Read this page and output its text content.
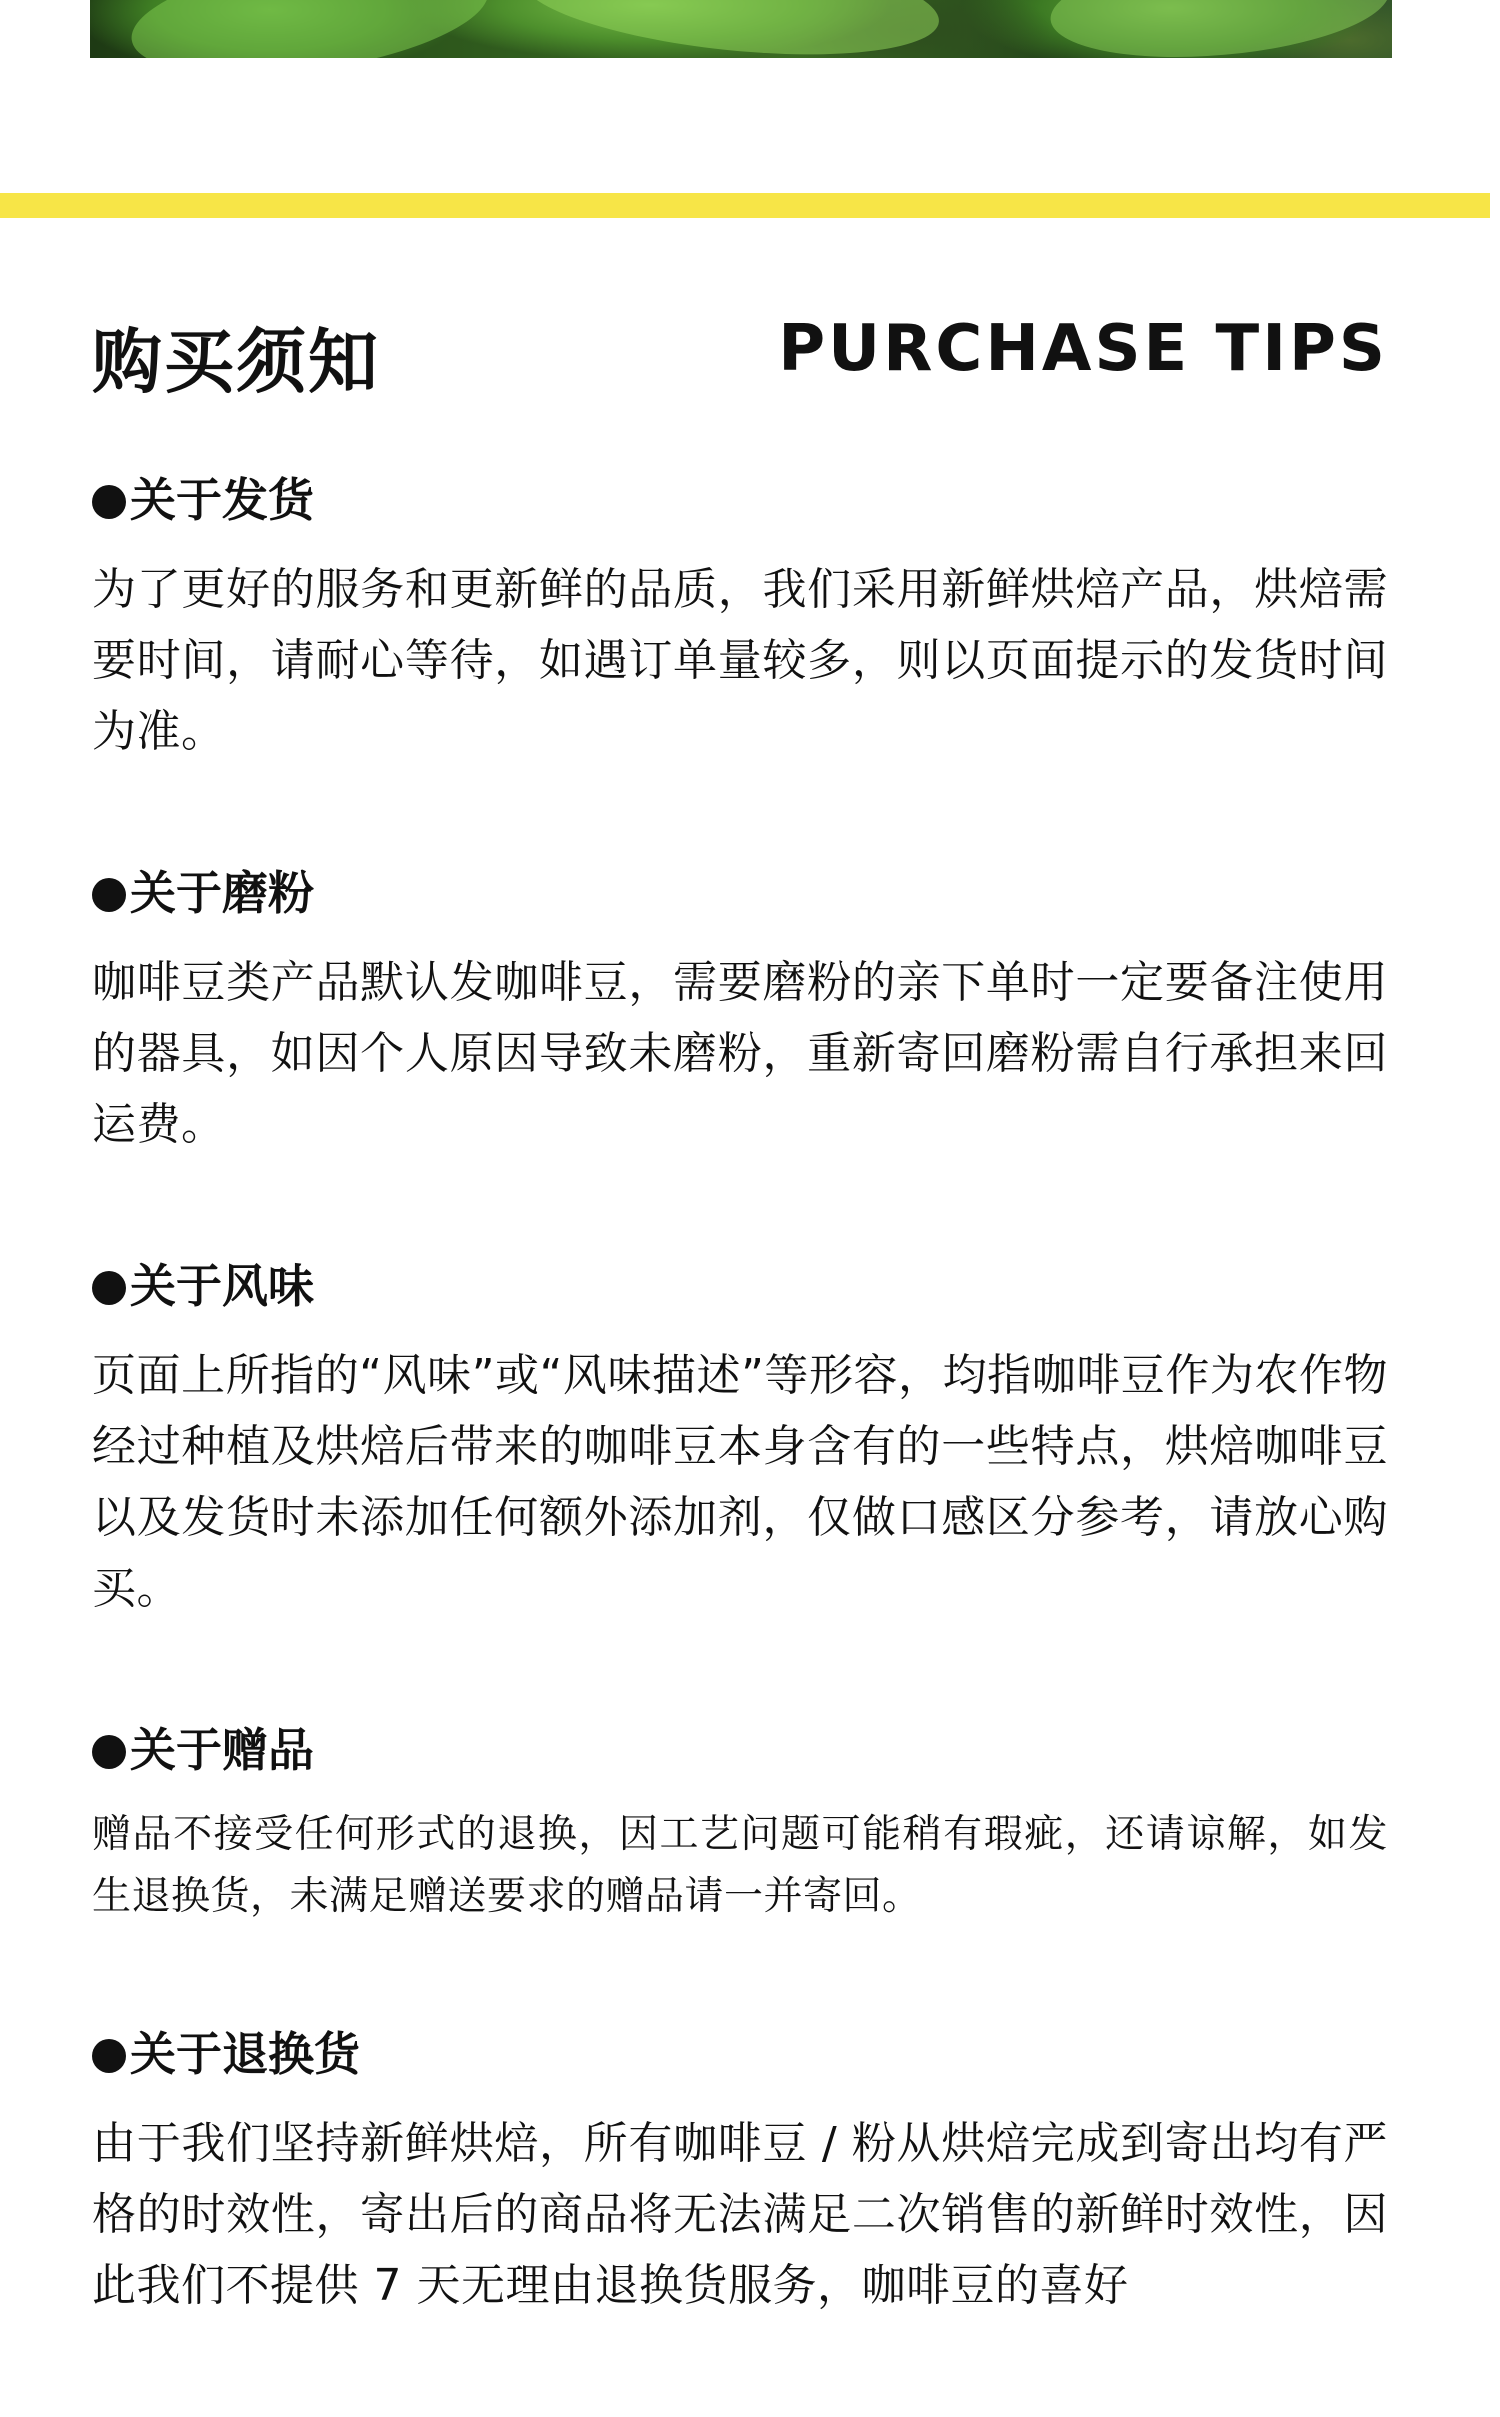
购买须知	PURCHASE TIPS

关于发货

为了更好的服务和更新鲜的品质，我们采用新鲜烘焙产品，烘焙需要时间，请耐心等待，如遇订单量较多，则以页面提示的发货时间为准。

关于磨粉

咖啡豆类产品默认发咖啡豆，需要磨粉的亲下单时一定要备注使用的器具，如因个人原因导致未磨粉，重新寄回磨粉需自行承担来回运费。

关于风味

页面上所指的“风味”或“风味描述”等形容，均指咖啡豆作为农作物经过种植及烘焙后带来的咖啡豆本身含有的一些特点，烘焙咖啡豆以及发货时未添加任何额外添加剂，仅做口感区分参考，请放心购买。

关于赠品

赠品不接受任何形式的退换，因工艺问题可能稍有瑕疵，还请谅解，如发生退换货，未满足赠送要求的赠品请一并寄回。

关于退换货

由于我们坚持新鲜烘焙，所有咖啡豆 / 粉从烘焙完成到寄出均有严格的时效性，寄出后的商品将无法满足二次销售的新鲜时效性，因此我们不提供 7 天无理由退换货服务，咖啡豆的喜好
